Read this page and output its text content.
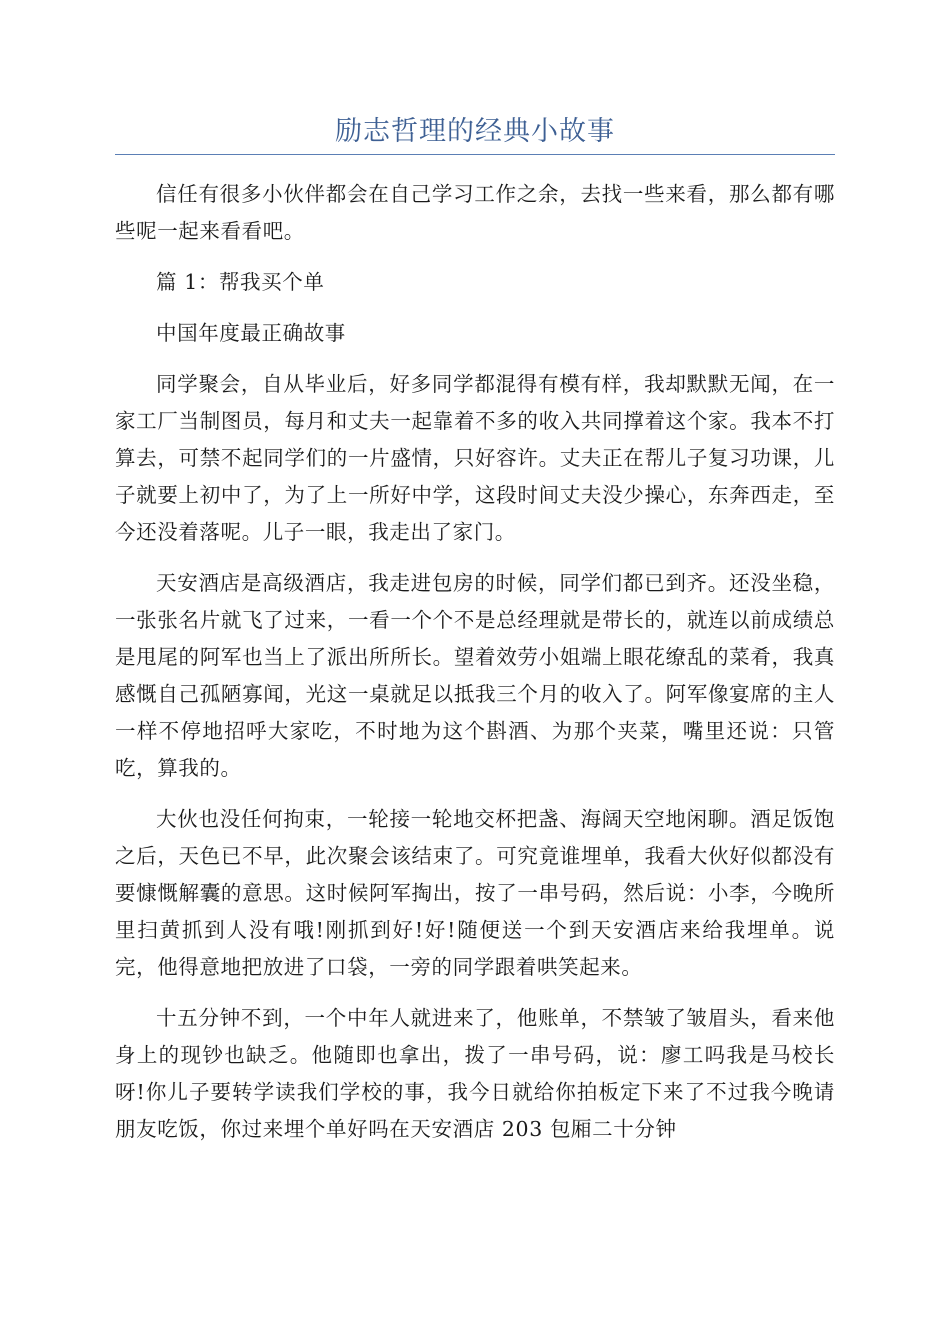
励志哲理的经典小故事

信任有很多小伙伴都会在自己学习工作之余，去找一些来看，那么都有哪些呢一起来看看吧。

篇 1：帮我买个单

中国年度最正确故事

同学聚会，自从毕业后，好多同学都混得有模有样，我却默默无闻，在一家工厂当制图员，每月和丈夫一起靠着不多的收入共同撑着这个家。我本不打算去，可禁不起同学们的一片盛情，只好容许。丈夫正在帮儿子复习功课，儿子就要上初中了，为了上一所好中学，这段时间丈夫没少操心，东奔西走，至今还没着落呢。儿子一眼，我走出了家门。

天安酒店是高级酒店，我走进包房的时候，同学们都已到齐。还没坐稳，一张张名片就飞了过来，一看一个个不是总经理就是带长的，就连以前成绩总是甩尾的阿军也当上了派出所所长。望着效劳小姐端上眼花缭乱的菜肴，我真感慨自己孤陋寡闻，光这一桌就足以抵我三个月的收入了。阿军像宴席的主人一样不停地招呼大家吃，不时地为这个斟酒、为那个夹菜，嘴里还说：只管吃，算我的。

大伙也没任何拘束，一轮接一轮地交杯把盏、海阔天空地闲聊。酒足饭饱之后，天色已不早，此次聚会该结束了。可究竟谁埋单，我看大伙好似都没有要慷慨解囊的意思。这时候阿军掏出，按了一串号码，然后说：小李，今晚所里扫黄抓到人没有哦!刚抓到好!好!随便送一个到天安酒店来给我埋单。说完，他得意地把放进了口袋，一旁的同学跟着哄笑起来。

十五分钟不到，一个中年人就进来了，他账单，不禁皱了皱眉头，看来他身上的现钞也缺乏。他随即也拿出，拨了一串号码，说：廖工吗我是马校长呀!你儿子要转学读我们学校的事，我今日就给你拍板定下来了不过我今晚请朋友吃饭，你过来埋个单好吗在天安酒店 203 包厢二十分钟
